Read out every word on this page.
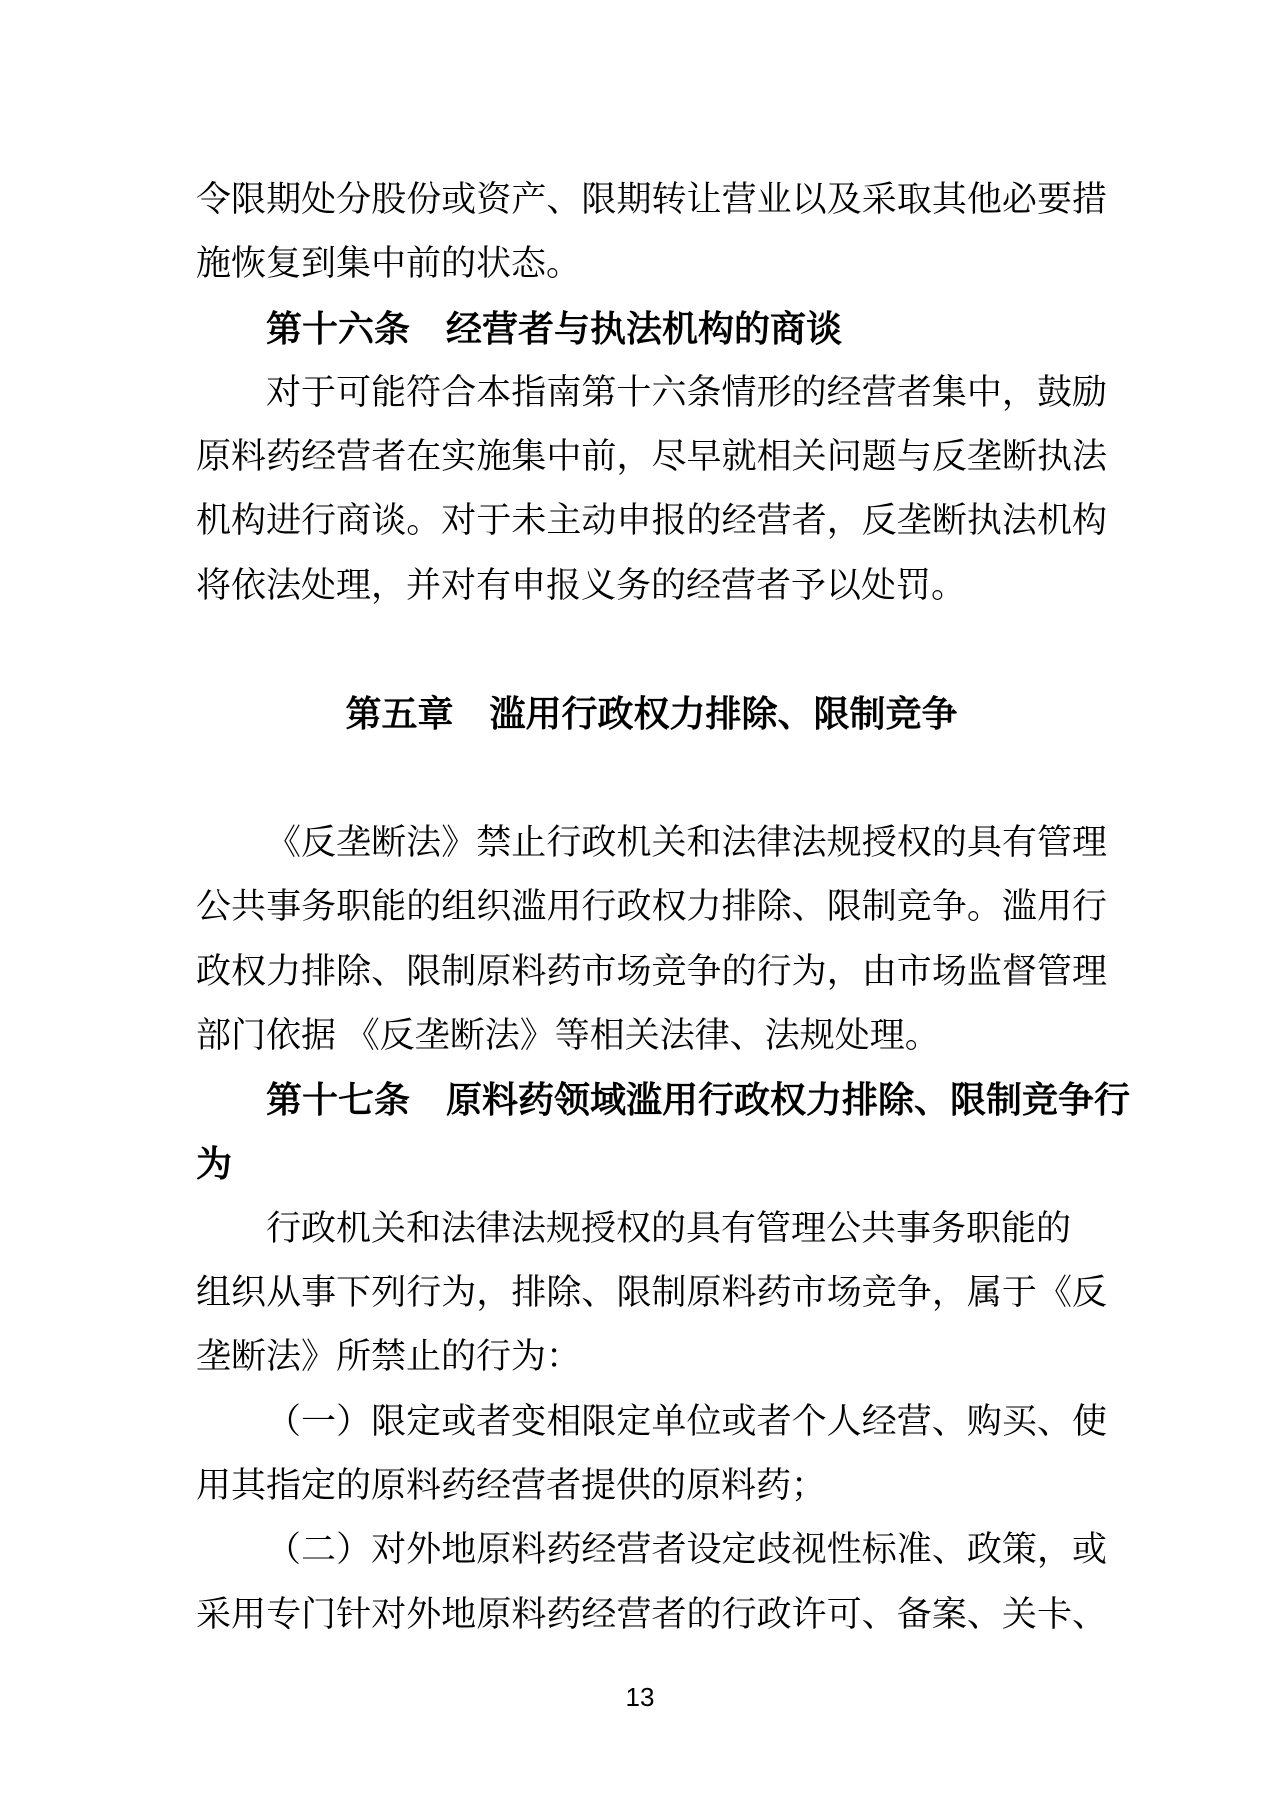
令限期处分股份或资产、限期转让营业以及采取其他必要措
施恢复到集中前的状态。
第十六条　经营者与执法机构的商谈
对于可能符合本指南第十六条情形的经营者集中，鼓励
原料药经营者在实施集中前，尽早就相关问题与反垄断执法
机构进行商谈。对于未主动申报的经营者，反垄断执法机构
将依法处理，并对有申报义务的经营者予以处罚。
第五章　滥用行政权力排除、限制竞争
《反垄断法》禁止行政机关和法律法规授权的具有管理
公共事务职能的组织滥用行政权力排除、限制竞争。滥用行
政权力排除、限制原料药市场竞争的行为，由市场监督管理
部门依据 《反垄断法》等相关法律、法规处理。
第十七条　原料药领域滥用行政权力排除、限制竞争行
为
行政机关和法律法规授权的具有管理公共事务职能的
组织从事下列行为，排除、限制原料药市场竞争，属于《反
垄断法》所禁止的行为：
（一）限定或者变相限定单位或者个人经营、购买、使
用其指定的原料药经营者提供的原料药；
（二）对外地原料药经营者设定歧视性标准、政策，或
采用专门针对外地原料药经营者的行政许可、备案、关卡、
13
